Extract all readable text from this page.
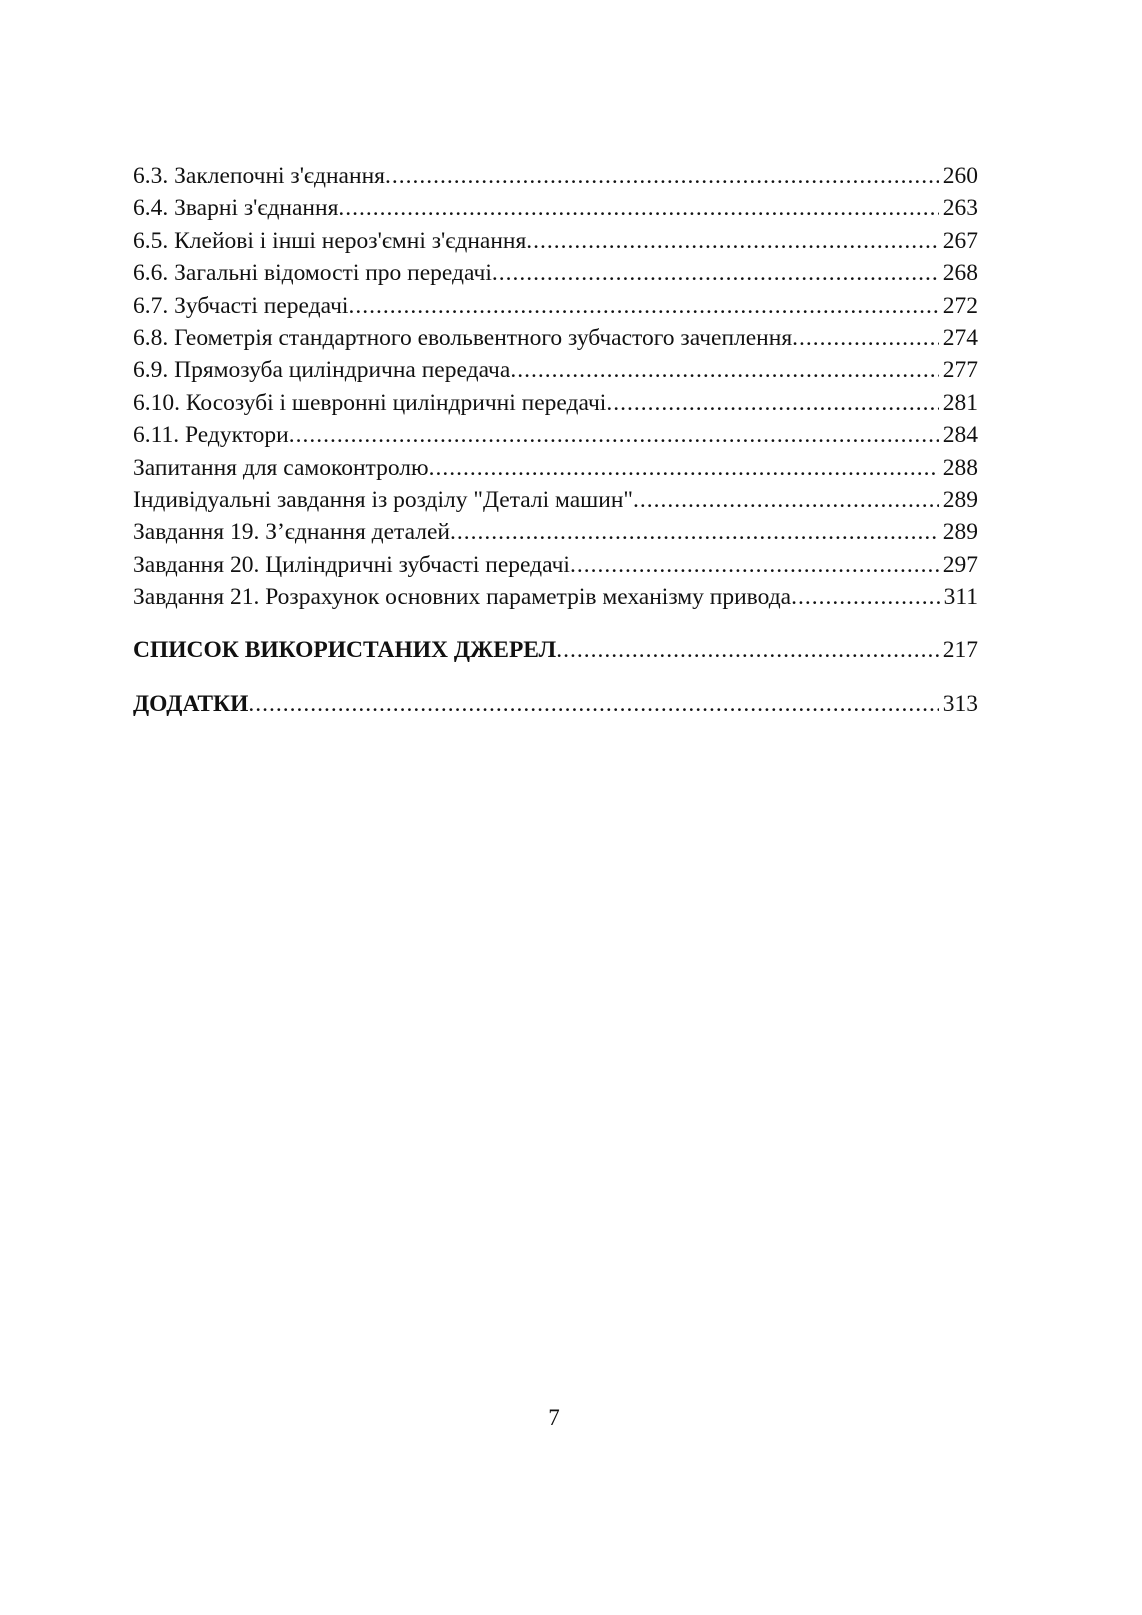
6.3. Заклепочні з'єднання .....	260
6.4. Зварні з'єднання .....	263
6.5. Клейові і інші нероз'ємні з'єднання .....	267
6.6. Загальні відомості про передачі .....	268
6.7. Зубчасті передачі .....	272
6.8. Геометрія стандартного евольвентного зубчастого зачеплення .....	274
6.9. Прямозуба циліндрична передача .....	277
6.10. Косозубі і шевронні циліндричні передачі .....	281
6.11. Редуктори .....	284
Запитання для самоконтролю .....	288
Індивідуальні завдання із розділу "Деталі машин" .....	289
Завдання 19. З’єднання деталей .....	289
Завдання 20. Циліндричні зубчасті передачі .....	297
Завдання 21. Розрахунок основних параметрів механізму привода .....	311
СПИСОК ВИКОРИСТАНИХ ДЖЕРЕЛ .....	217
ДОДАТКИ .....	313
7
